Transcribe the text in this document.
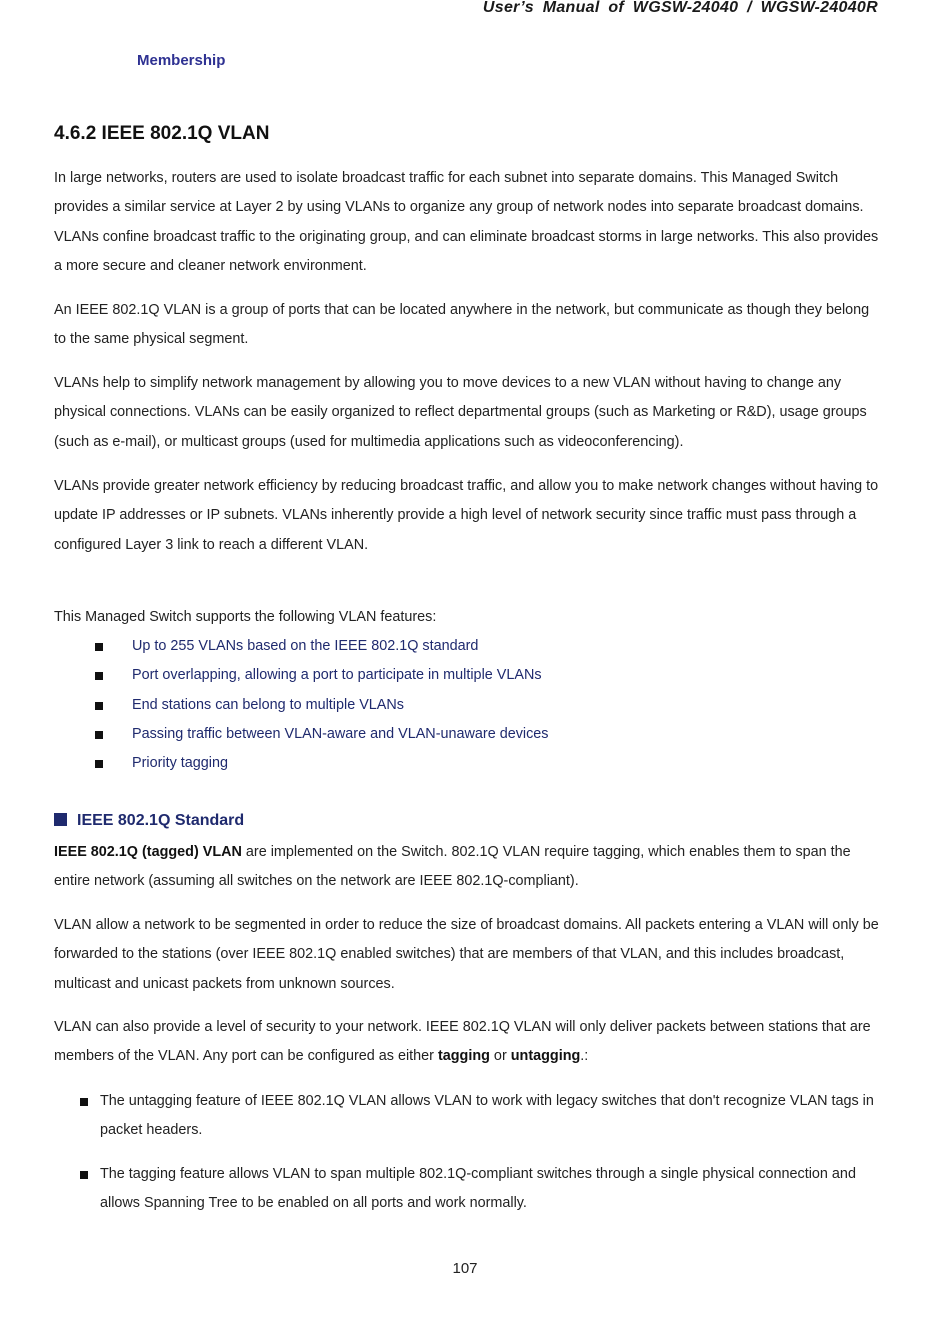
User’s Manual of WGSW-24040 / WGSW-24040R
Membership
4.6.2 IEEE 802.1Q VLAN

In large networks, routers are used to isolate broadcast traffic for each subnet into separate domains. This Managed Switch provides a similar service at Layer 2 by using VLANs to organize any group of network nodes into separate broadcast domains. VLANs confine broadcast traffic to the originating group, and can eliminate broadcast storms in large networks. This also provides a more secure and cleaner network environment.

An IEEE 802.1Q VLAN is a group of ports that can be located anywhere in the network, but communicate as though they belong to the same physical segment.

VLANs help to simplify network management by allowing you to move devices to a new VLAN without having to change any physical connections. VLANs can be easily organized to reflect departmental groups (such as Marketing or R&D), usage groups (such as e-mail), or multicast groups (used for multimedia applications such as videoconferencing).

VLANs provide greater network efficiency by reducing broadcast traffic, and allow you to make network changes without having to update IP addresses or IP subnets. VLANs inherently provide a high level of network security since traffic must pass through a configured Layer 3 link to reach a different VLAN.

This Managed Switch supports the following VLAN features:

Up to 255 VLANs based on the IEEE 802.1Q standard
Port overlapping, allowing a port to participate in multiple VLANs
End stations can belong to multiple VLANs
Passing traffic between VLAN-aware and VLAN-unaware devices
Priority tagging
IEEE 802.1Q Standard

IEEE 802.1Q (tagged) VLAN are implemented on the Switch. 802.1Q VLAN require tagging, which enables them to span the entire network (assuming all switches on the network are IEEE 802.1Q-compliant).

VLAN allow a network to be segmented in order to reduce the size of broadcast domains. All packets entering a VLAN will only be forwarded to the stations (over IEEE 802.1Q enabled switches) that are members of that VLAN, and this includes broadcast, multicast and unicast packets from unknown sources.

VLAN can also provide a level of security to your network. IEEE 802.1Q VLAN will only deliver packets between stations that are members of the VLAN. Any port can be configured as either tagging or untagging.:

The untagging feature of IEEE 802.1Q VLAN allows VLAN to work with legacy switches that don't recognize VLAN tags in packet headers.
The tagging feature allows VLAN to span multiple 802.1Q-compliant switches through a single physical connection and allows Spanning Tree to be enabled on all ports and work normally.
107
